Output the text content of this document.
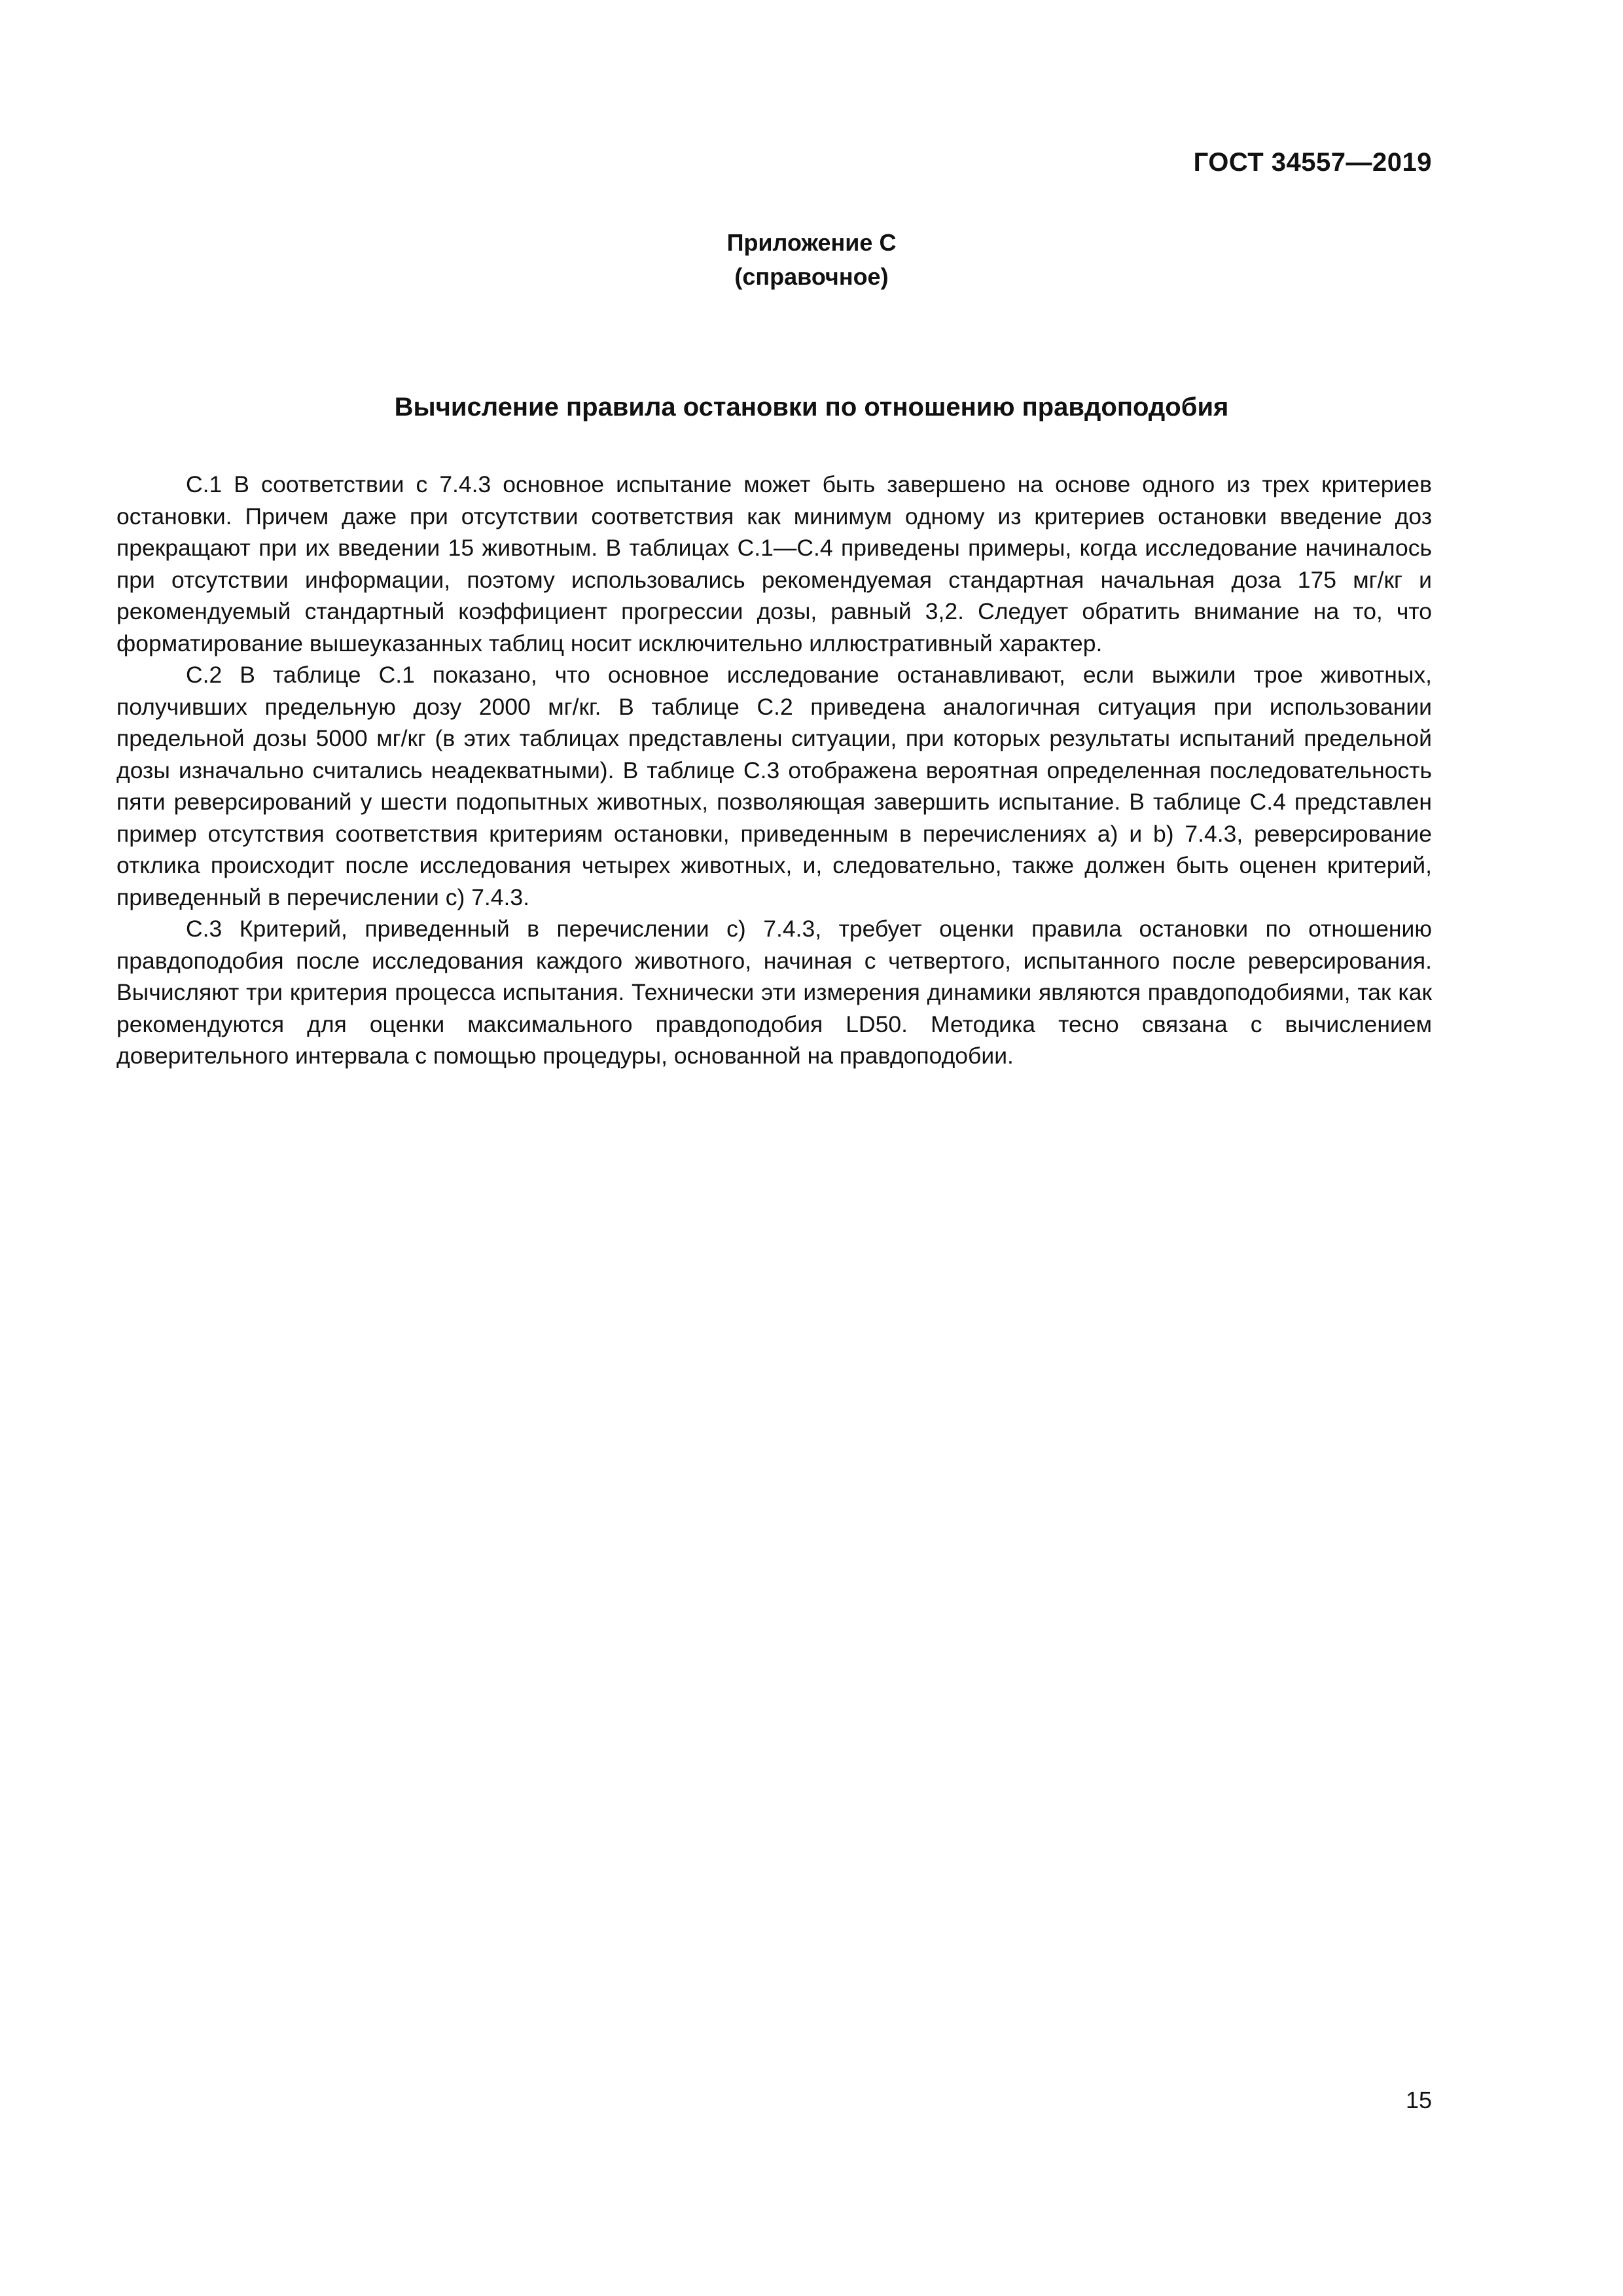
ГОСТ 34557—2019
Приложение С
(справочное)
Вычисление правила остановки по отношению правдоподобия

С.1 В соответствии с 7.4.3 основное испытание может быть завершено на основе одного из трех критериев остановки. Причем даже при отсутствии соответствия как минимум одному из критериев остановки введение доз прекращают при их введении 15 животным. В таблицах С.1—С.4 приведены примеры, когда исследование начиналось при отсутствии информации, поэтому использовались рекомендуемая стандартная начальная доза 175 мг/кг и рекомендуемый стандартный коэффициент прогрессии дозы, равный 3,2. Следует обратить внимание на то, что форматирование вышеуказанных таблиц носит исключительно иллюстративный характер.

С.2 В таблице С.1 показано, что основное исследование останавливают, если выжили трое животных, получивших предельную дозу 2000 мг/кг. В таблице С.2 приведена аналогичная ситуация при использовании предельной дозы 5000 мг/кг (в этих таблицах представлены ситуации, при которых результаты испытаний предельной дозы изначально считались неадекватными). В таблице С.3 отображена вероятная определенная последовательность пяти реверсирований у шести подопытных животных, позволяющая завершить испытание. В таблице С.4 представлен пример отсутствия соответствия критериям остановки, приведенным в перечислениях а) и b) 7.4.3, реверсирование отклика происходит после исследования четырех животных, и, следовательно, также должен быть оценен критерий, приведенный в перечислении с) 7.4.3.

С.3 Критерий, приведенный в перечислении с) 7.4.3, требует оценки правила остановки по отношению правдоподобия после исследования каждого животного, начиная с четвертого, испытанного после реверсирования. Вычисляют три критерия процесса испытания. Технически эти измерения динамики являются правдоподобиями, так как рекомендуются для оценки максимального правдоподобия LD50. Методика тесно связана с вычислением доверительного интервала с помощью процедуры, основанной на правдоподобии.

15
